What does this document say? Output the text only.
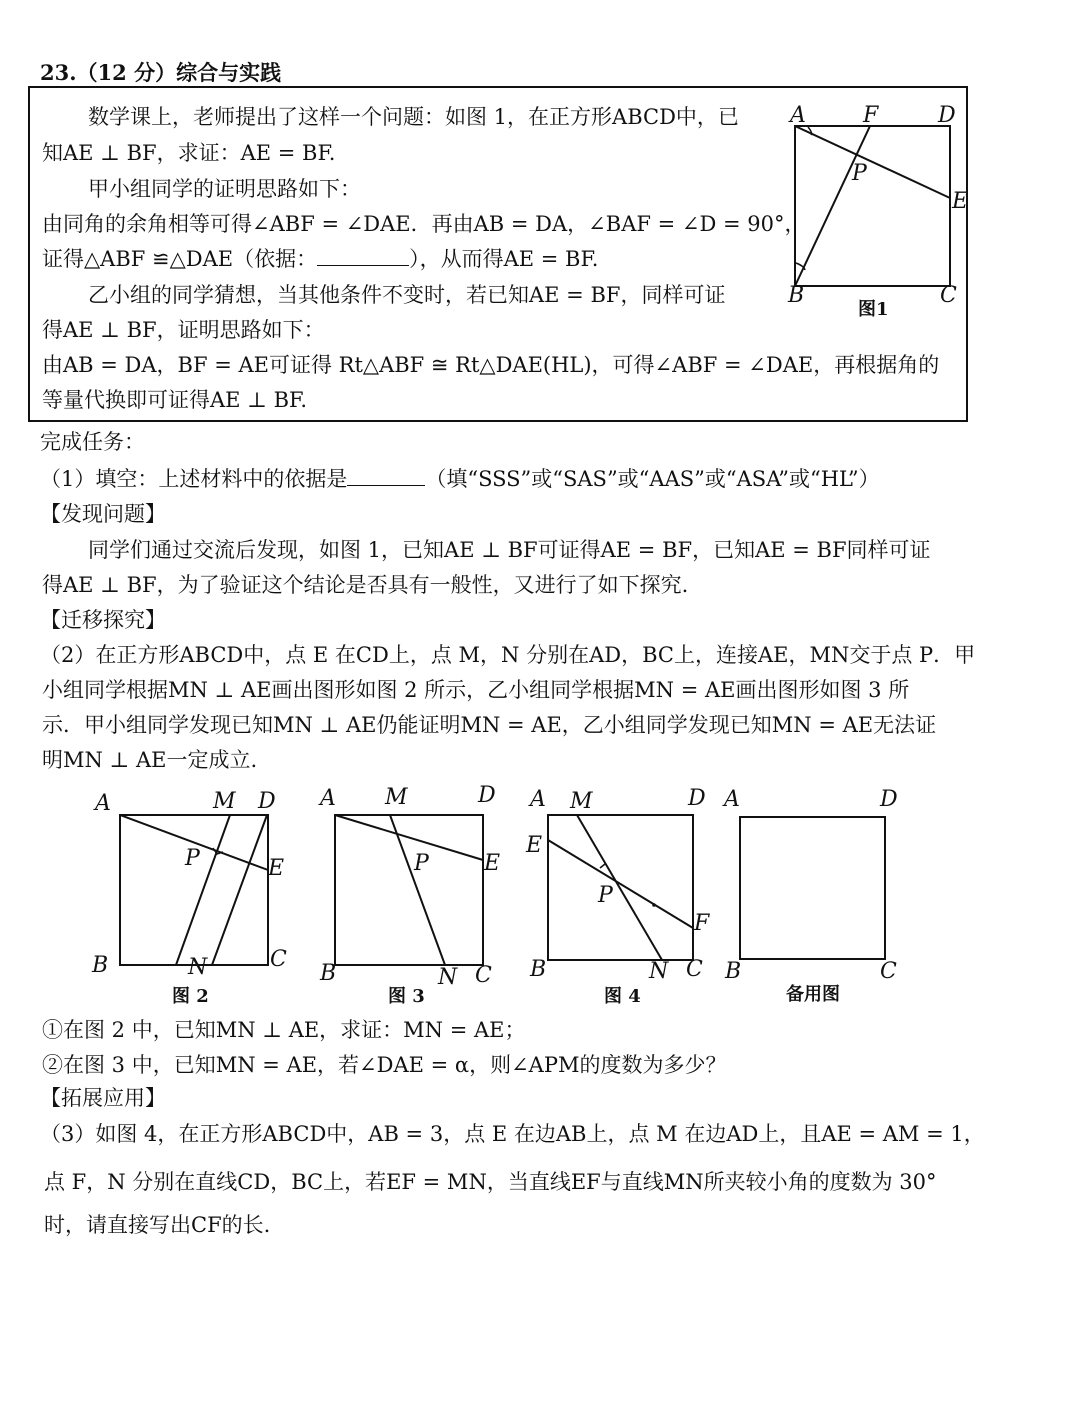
23.（12 分）综合与实践
数学课上，老师提出了这样一个问题：如图 1，在正方形ABCD中，已
知AE ⊥ BF，求证：AE = BF.
甲小组同学的证明思路如下：
由同角的余角相等可得∠ABF = ∠DAE．再由AB = DA，∠BAF = ∠D = 90°，
证得△ABF ≌△DAE（依据：	），从而得AE = BF.
乙小组的同学猜想，当其他条件不变时，若已知AE = BF，同样可证
得AE ⊥ BF，证明思路如下：
由AB = DA，BF = AE可证得 Rt△ABF ≅ Rt△DAE(HL)，可得∠ABF = ∠DAE，再根据角的
等量代换即可证得AE ⊥ BF.
A	F	D
P
E
B	C
图1
完成任务：
（1）填空：上述材料中的依据是	（填“SSS”或“SAS”或“AAS”或“ASA”或“HL”）
【发现问题】
同学们通过交流后发现，如图 1，已知AE ⊥ BF可证得AE = BF，已知AE = BF同样可证
得AE ⊥ BF，为了验证这个结论是否具有一般性，又进行了如下探究.
【迁移探究】
（2）在正方形ABCD中，点 E 在CD上，点 M，N 分别在AD，BC上，连接AE，MN交于点 P．甲
小组同学根据MN ⊥ AE画出图形如图 2 所示，乙小组同学根据MN = AE画出图形如图 3 所
示．甲小组同学发现已知MN ⊥ AE仍能证明MN = AE，乙小组同学发现已知MN = AE无法证
明MN ⊥ AE一定成立.
A	M D
P	E
B	N	C
图 2
A M	D
P	E
B	N C
图 3
A M	D
E
P
F
B	N C
图 4
A	D
B	C
备用图
①在图 2 中，已知MN ⊥ AE，求证：MN = AE；
②在图 3 中，已知MN = AE，若∠DAE = α，则∠APM的度数为多少？
【拓展应用】
（3）如图 4，在正方形ABCD中，AB = 3，点 E 在边AB上，点 M 在边AD上，且AE = AM = 1，
点 F，N 分别在直线CD，BC上，若EF = MN，当直线EF与直线MN所夹较小角的度数为 30°
时，请直接写出CF的长.
